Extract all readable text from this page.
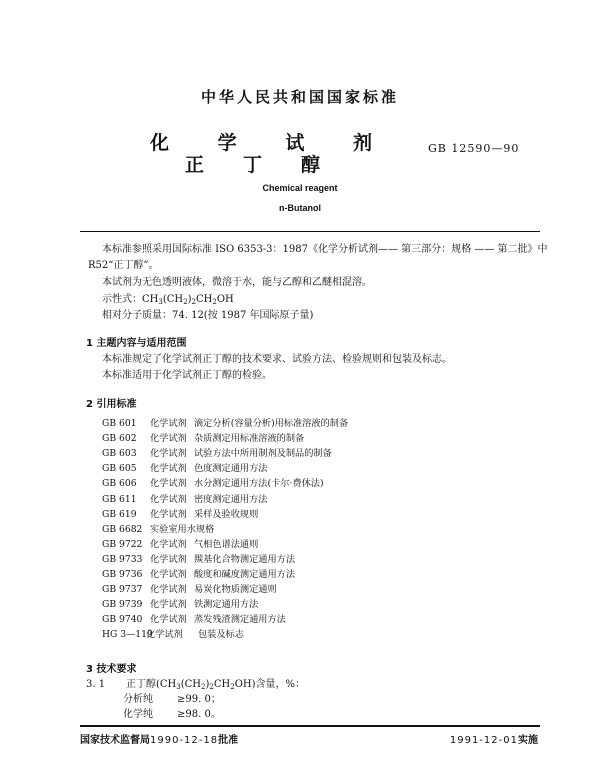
中华人民共和国国家标准
化	学	试	剂
正 丁 醇
GB 12590—90
Chemical reagent
n-Butanol
本标准参照采用国际标准 ISO 6353-3：1987《化学分析试剂—— 第三部分：规格 —— 第二批》中
R52“正丁醇”。
本试剂为无色透明液体，微溶于水，能与乙醇和乙醚相混溶。
示性式：$CH_3(CH_2)_2CH_2OH$
相对分子质量：74. 12(按 1987 年国际原子量)
1 主题内容与适用范围
本标准规定了化学试剂正丁醇的技术要求、试验方法、检验规则和包装及标志。
本标准适用于化学试剂正丁醇的检验。
2 引用标准
GB 601 化学试剂 滴定分析(容量分析)用标准溶液的制备
GB 602 化学试剂 杂质测定用标准溶液的制备
GB 603 化学试剂 试验方法中所用制剂及制品的制备
GB 605 化学试剂 色度测定通用方法
GB 606 化学试剂 水分测定通用方法(卡尔·费休法)
GB 611 化学试剂 密度测定通用方法
GB 619 化学试剂 采样及验收规则
GB 6682 实验室用水规格
GB 9722 化学试剂 气相色谱法通则
GB 9733 化学试剂 羰基化合物测定通用方法
GB 9736 化学试剂 酸度和碱度测定通用方法
GB 9737 化学试剂 易炭化物质测定通则
GB 9739 化学试剂 铁测定通用方法
GB 9740 化学试剂 蒸发残渣测定通用方法
HG 3—119化学试剂 包装及标志
3 技术要求
3. 1 正丁醇$(CH_3(CH_2)_2CH_2OH)$含量，%：
分析纯 ≥99. 0；
化学纯 ≥98. 0。
国家技术监督局1990-12-18批准	1991-12-01实施
